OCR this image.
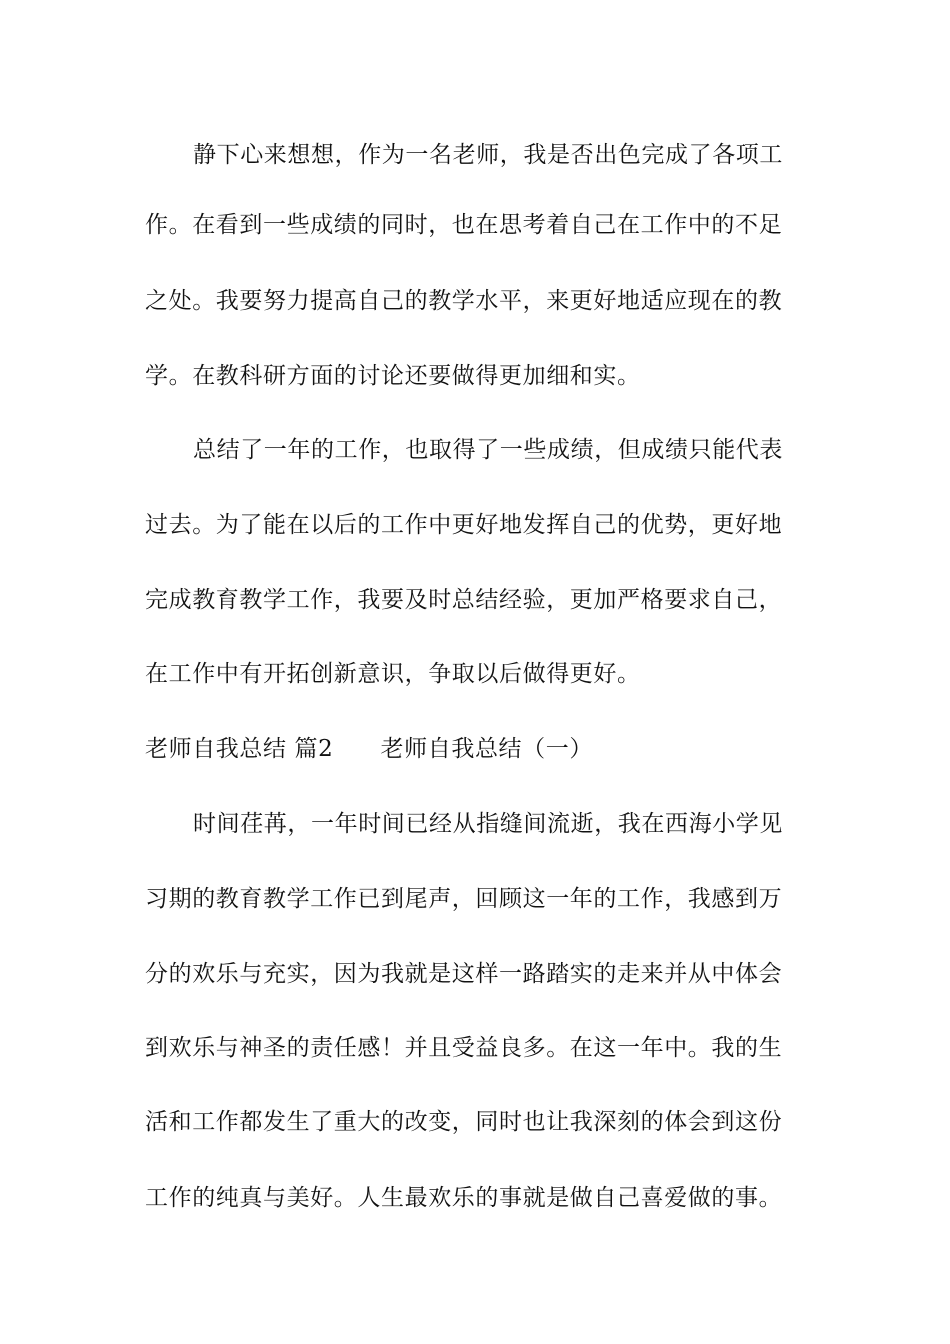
静下心来想想，作为一名老师，我是否出色完成了各项工
作。在看到一些成绩的同时，也在思考着自己在工作中的不足
之处。我要努力提高自己的教学水平，来更好地适应现在的教
学。在教科研方面的讨论还要做得更加细和实。
总结了一年的工作，也取得了一些成绩，但成绩只能代表
过去。为了能在以后的工作中更好地发挥自己的优势，更好地
完成教育教学工作，我要及时总结经验，更加严格要求自己，
在工作中有开拓创新意识，争取以后做得更好。
老师自我总结 篇2　　老师自我总结（一）
时间荏苒，一年时间已经从指缝间流逝，我在西海小学见
习期的教育教学工作已到尾声，回顾这一年的工作，我感到万
分的欢乐与充实，因为我就是这样一路踏实的走来并从中体会
到欢乐与神圣的责任感！并且受益良多。在这一年中。我的生
活和工作都发生了重大的改变，同时也让我深刻的体会到这份
工作的纯真与美好。人生最欢乐的事就是做自己喜爱做的事。
